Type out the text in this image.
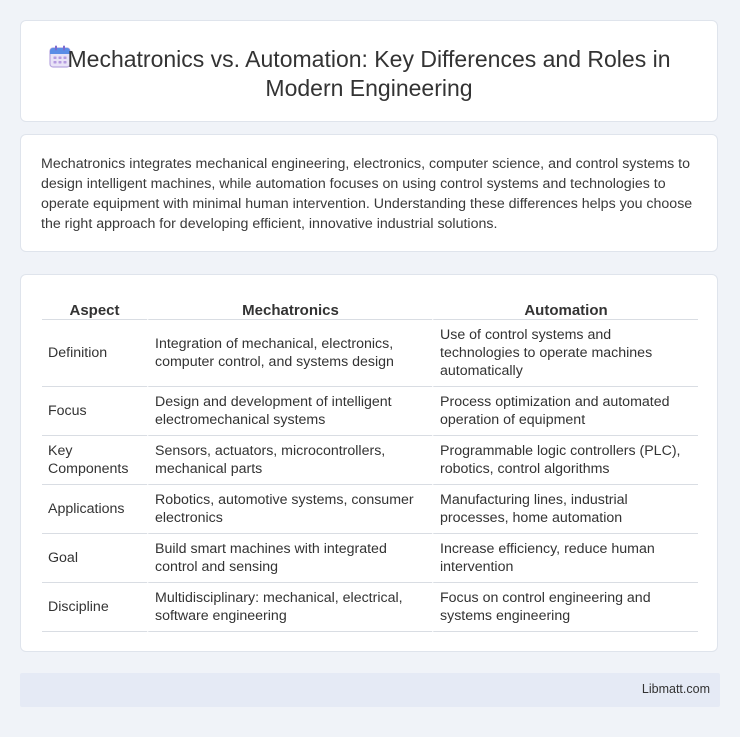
Mechatronics vs. Automation: Key Differences and Roles in Modern Engineering
Mechatronics integrates mechanical engineering, electronics, computer science, and control systems to design intelligent machines, while automation focuses on using control systems and technologies to operate equipment with minimal human intervention. Understanding these differences helps you choose the right approach for developing efficient, innovative industrial solutions.
Aspect	Mechatronics	Automation
Definition	Integration of mechanical, electronics, computer control, and systems design	Use of control systems and technologies to operate machines automatically
Focus	Design and development of intelligent electromechanical systems	Process optimization and automated operation of equipment
Key Components	Sensors, actuators, microcontrollers, mechanical parts	Programmable logic controllers (PLC), robotics, control algorithms
Applications	Robotics, automotive systems, consumer electronics	Manufacturing lines, industrial processes, home automation
Goal	Build smart machines with integrated control and sensing	Increase efficiency, reduce human intervention
Discipline	Multidisciplinary: mechanical, electrical, software engineering	Focus on control engineering and systems engineering
Libmatt.com
